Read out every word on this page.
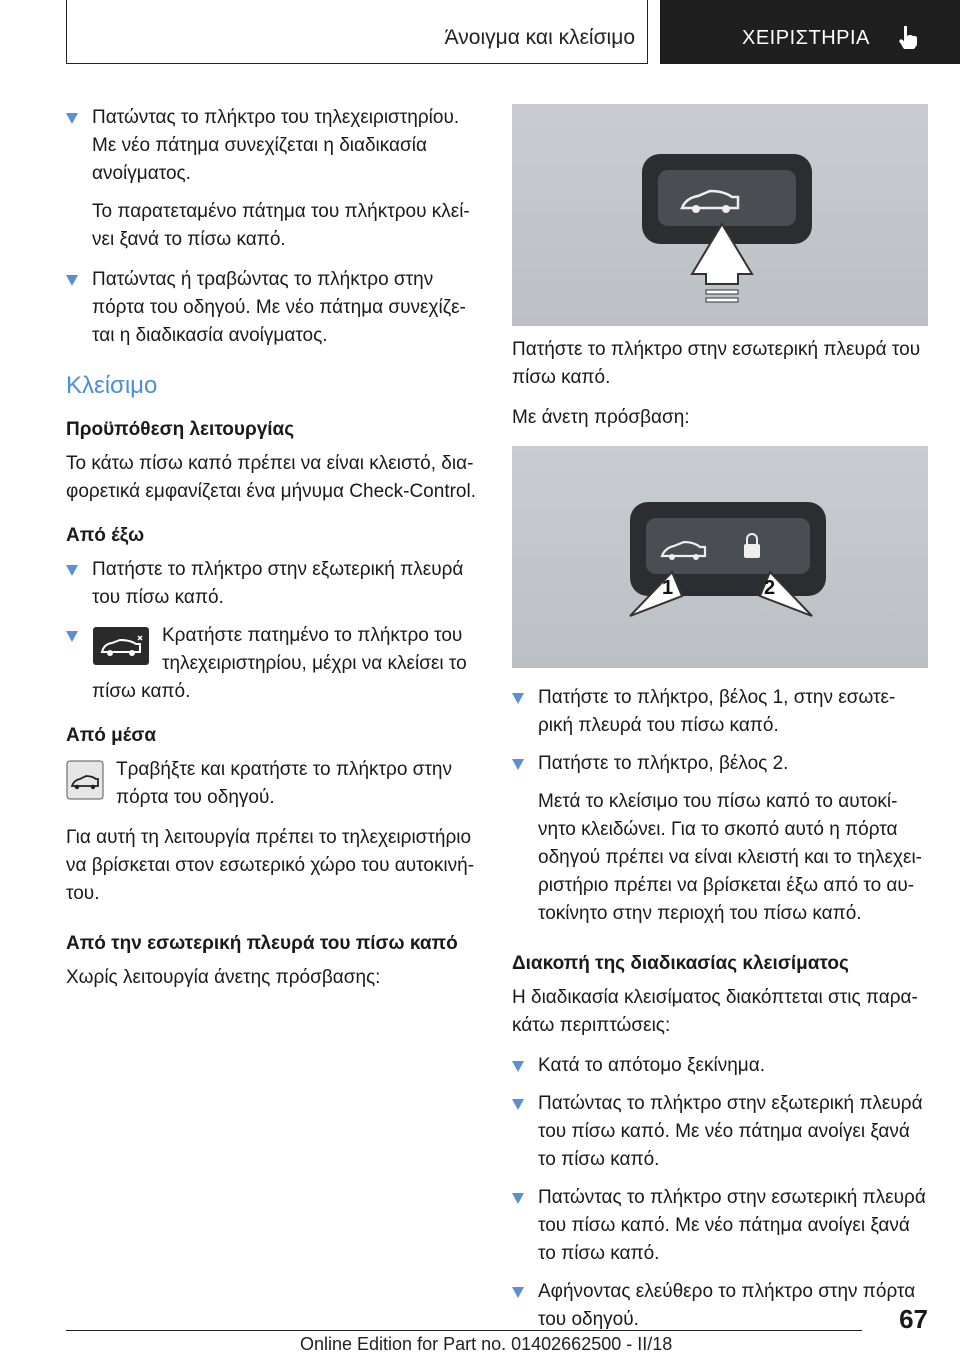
Άνοιγμα και κλείσιμο	ΧΕΙΡΙΣΤΗΡΙΑ
Πατώντας το πλήκτρο του τηλεχειριστηρίου. Με νέο πάτημα συνεχίζεται η διαδικασία ανοίγματος.

Το παρατεταμένο πάτημα του πλήκτρου κλεί-νει ξανά το πίσω καπό.

Πατώντας ή τραβώντας το πλήκτρο στην πόρτα του οδηγού. Με νέο πάτημα συνεχίζε-ται η διαδικασία ανοίγματος.
Κλείσιμο
Προϋπόθεση λειτουργίας

Το κάτω πίσω καπό πρέπει να είναι κλειστό, δια-φορετικά εμφανίζεται ένα μήνυμα Check-Control.

Από έξω
Πατήστε το πλήκτρο στην εξωτερική πλευρά του πίσω καπό.
Κρατήστε πατημένο το πλήκτρο του τηλεχειριστηρίου, μέχρι να κλείσει το πίσω καπό.
Από μέσα
Τραβήξτε και κρατήστε το πλήκτρο στην πόρτα του οδηγού.

Για αυτή τη λειτουργία πρέπει το τηλεχειριστήριο να βρίσκεται στον εσωτερικό χώρο του αυτοκινή-του.

Από την εσωτερική πλευρά του πίσω καπό

Χωρίς λειτουργία άνετης πρόσβασης:

1	2

Πατήστε το πλήκτρο στην εσωτερική πλευρά του πίσω καπό.

Με άνετη πρόσβαση:

Πατήστε το πλήκτρο, βέλος 1, στην εσωτε-ρική πλευρά του πίσω καπό.
Πατήστε το πλήκτρο, βέλος 2.

Μετά το κλείσιμο του πίσω καπό το αυτοκί-νητο κλειδώνει. Για το σκοπό αυτό η πόρτα οδηγού πρέπει να είναι κλειστή και το τηλεχει-ριστήριο πρέπει να βρίσκεται έξω από το αυ-τοκίνητο στην περιοχή του πίσω καπό.

Διακοπή της διαδικασίας κλεισίματος

Η διαδικασία κλεισίματος διακόπτεται στις παρα-κάτω περιπτώσεις:

Κατά το απότομο ξεκίνημα.
Πατώντας το πλήκτρο στην εξωτερική πλευρά του πίσω καπό. Με νέο πάτημα ανοίγει ξανά το πίσω καπό.
Πατώντας το πλήκτρο στην εσωτερική πλευρά του πίσω καπό. Με νέο πάτημα ανοίγει ξανά το πίσω καπό.
Αφήνοντας ελεύθερο το πλήκτρο στην πόρτα του οδηγού.	67
Online Edition for Part no. 01402662500 - II/18
